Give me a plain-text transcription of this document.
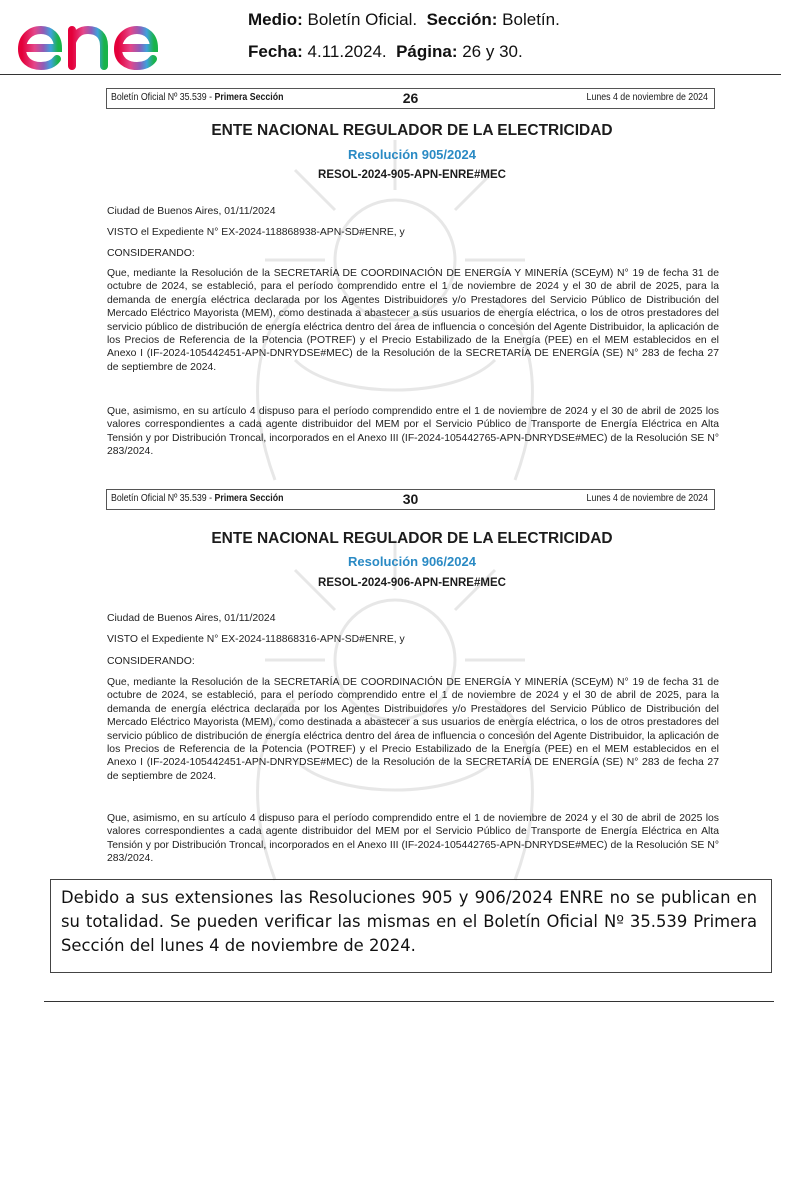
Medio: Boletín Oficial. Sección: Boletín.
Fecha: 4.11.2024. Página: 26 y 30.
Boletín Oficial Nº 35.539 - Primera Sección	26	Lunes 4 de noviembre de 2024
ENTE NACIONAL REGULADOR DE LA ELECTRICIDAD
Resolución 905/2024
RESOL-2024-905-APN-ENRE#MEC
Ciudad de Buenos Aires, 01/11/2024
VISTO el Expediente N° EX-2024-118868938-APN-SD#ENRE, y
CONSIDERANDO:
Que, mediante la Resolución de la SECRETARÍA DE COORDINACIÓN DE ENERGÍA Y MINERÍA (SCEyM) N° 19 de fecha 31 de octubre de 2024, se estableció, para el período comprendido entre el 1 de noviembre de 2024 y el 30 de abril de 2025, para la demanda de energía eléctrica declarada por los Agentes Distribuidores y/o Prestadores del Servicio Público de Distribución del Mercado Eléctrico Mayorista (MEM), como destinada a abastecer a sus usuarios de energía eléctrica, o los de otros prestadores del servicio público de distribución de energía eléctrica dentro del área de influencia o concesión del Agente Distribuidor, la aplicación de los Precios de Referencia de la Potencia (POTREF) y el Precio Estabilizado de la Energía (PEE) en el MEM establecidos en el Anexo I (IF-2024-105442451-APN-DNRYDSE#MEC) de la Resolución de la SECRETARÍA DE ENERGÍA (SE) N° 283 de fecha 27 de septiembre de 2024.
Que, asimismo, en su artículo 4 dispuso para el período comprendido entre el 1 de noviembre de 2024 y el 30 de abril de 2025 los valores correspondientes a cada agente distribuidor del MEM por el Servicio Público de Transporte de Energía Eléctrica en Alta Tensión y por Distribución Troncal, incorporados en el Anexo III (IF-2024-105442765-APN-DNRYDSE#MEC) de la Resolución SE N° 283/2024.
Boletín Oficial Nº 35.539 - Primera Sección	30	Lunes 4 de noviembre de 2024
ENTE NACIONAL REGULADOR DE LA ELECTRICIDAD
Resolución 906/2024
RESOL-2024-906-APN-ENRE#MEC
Ciudad de Buenos Aires, 01/11/2024
VISTO el Expediente N° EX-2024-118868316-APN-SD#ENRE, y
CONSIDERANDO:
Que, mediante la Resolución de la SECRETARÍA DE COORDINACIÓN DE ENERGÍA Y MINERÍA (SCEyM) N° 19 de fecha 31 de octubre de 2024, se estableció, para el período comprendido entre el 1 de noviembre de 2024 y el 30 de abril de 2025, para la demanda de energía eléctrica declarada por los Agentes Distribuidores y/o Prestadores del Servicio Público de Distribución del Mercado Eléctrico Mayorista (MEM), como destinada a abastecer a sus usuarios de energía eléctrica, o los de otros prestadores del servicio público de distribución de energía eléctrica dentro del área de influencia o concesión del Agente Distribuidor, la aplicación de los Precios de Referencia de la Potencia (POTREF) y el Precio Estabilizado de la Energía (PEE) en el MEM establecidos en el Anexo I (IF-2024-105442451-APN-DNRYDSE#MEC) de la Resolución de la SECRETARÍA DE ENERGÍA (SE) N° 283 de fecha 27 de septiembre de 2024.
Que, asimismo, en su artículo 4 dispuso para el período comprendido entre el 1 de noviembre de 2024 y el 30 de abril de 2025 los valores correspondientes a cada agente distribuidor del MEM por el Servicio Público de Transporte de Energía Eléctrica en Alta Tensión y por Distribución Troncal, incorporados en el Anexo III (IF-2024-105442765-APN-DNRYDSE#MEC) de la Resolución SE N° 283/2024.

Debido a sus extensiones las Resoluciones 905 y 906/2024 ENRE no se publican en su totalidad. Se pueden verificar las mismas en el Boletín Oficial Nº 35.539 Primera Sección del lunes 4 de noviembre de 2024.
